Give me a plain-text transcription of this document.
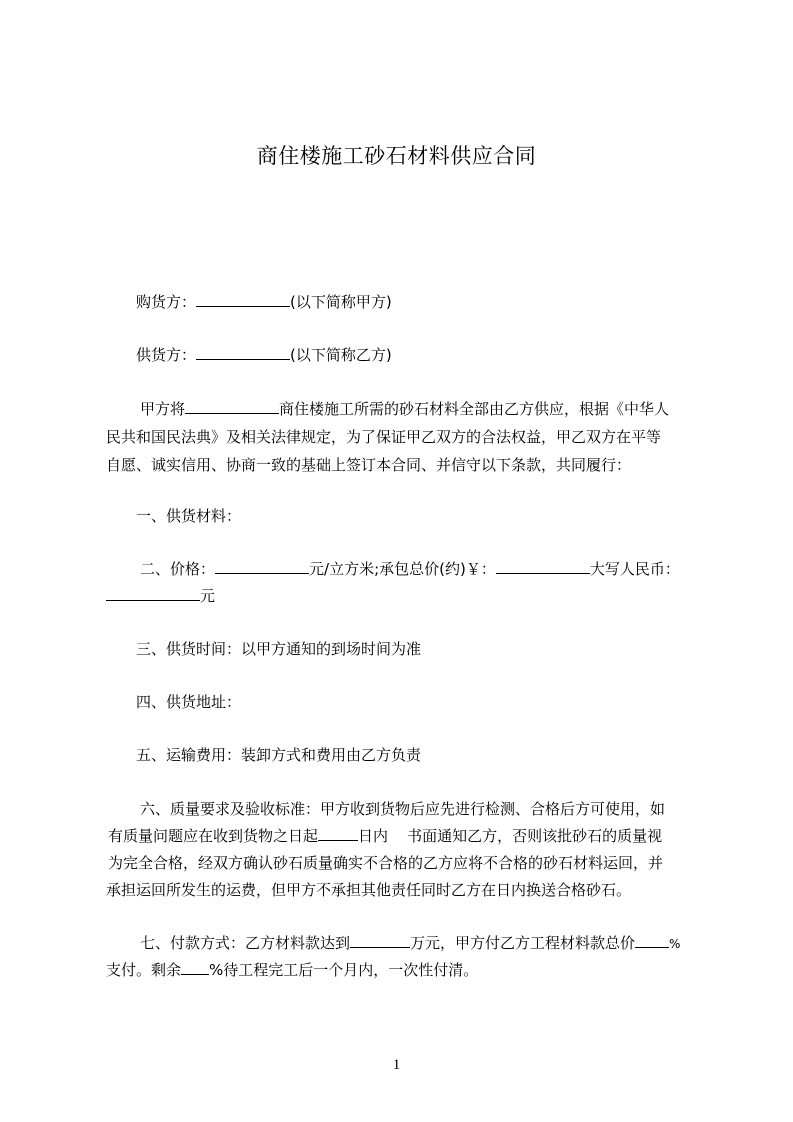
商住楼施工砂石材料供应合同
购货方：	(以下简称甲方)
供货方：	(以下简称乙方)
甲方将	商住楼施工所需的砂石材料全部由乙方供应，根据《中华人
民共和国民法典》及相关法律规定，为了保证甲乙双方的合法权益，甲乙双方在平等
自愿、诚实信用、协商一致的基础上签订本合同、并信守以下条款，共同履行：
一、供货材料：
二、价格：	元/立方米;承包总价(约)￥：	大写人民币：
元
三、供货时间：以甲方通知的到场时间为准
四、供货地址：
五、运输费用：装卸方式和费用由乙方负责
六、质量要求及验收标准：甲方收到货物后应先进行检测、合格后方可使用，如
有质量问题应在收到货物之日起	日内    书面通知乙方，否则该批砂石的质量视
为完全合格，经双方确认砂石质量确实不合格的乙方应将不合格的砂石材料运回，并
承担运回所发生的运费，但甲方不承担其他责任同时乙方在日内换送合格砂石。
七、付款方式：乙方材料款达到	万元，甲方付乙方工程材料款总价	%
支付。剩余 %待工程完工后一个月内，一次性付清。
1
